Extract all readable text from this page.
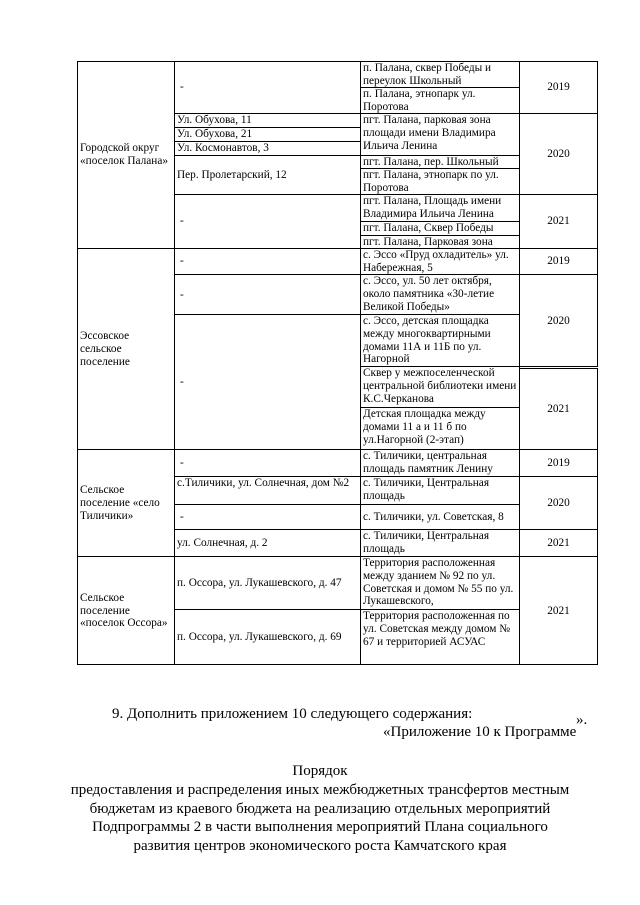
Городской округ «поселок Палана»	-	п. Палана, сквер Победы и переулок Школьный	2019
		п. Палана, этнопарк ул. Поротова	

	Ул. Обухова, 11	пгт. Палана, парковая зона площади имени Владимира Ильича Ленина	2020
	Ул. Обухова, 21		
	Ул. Космонавтов, 3		
	Пер. Пролетарский, 12	пгт. Палана, пер. Школьный	
		пгт. Палана, этнопарк по ул. Поротова	

	-	пгт. Палана, Площадь имени Владимира Ильича Ленина	2021

		пгт. Палана, Сквер Победы	
		пгт. Палана, Парковая зона	
Эссовское сельское поселение	-	с. Эссо «Пруд охладитель» ул. Набережная, 5	2019
	-	с. Эссо, ул. 50 лет октября, около памятника «30-летие Великой Победы»	2020
	-	с. Эссо, детская площадка между многоквартирными домами 11А и 11Б по ул. Нагорной	

		Сквер у межпоселенческой центральной библиотеки имени К.С.Черканова	
			2021
		Детская площадка между домами 11 а и 11 б по ул.Нагорной (2-этап)	
Сельское поселение «село Тиличики»	-	с. Тиличики, центральная площадь памятник Ленину	2019
	с.Тиличики, ул. Солнечная, дом №2	с. Тиличики, Центральная площадь	2020
	-	с. Тиличики, ул. Советская, 8	
	ул. Солнечная, д. 2	с. Тиличики, Центральная площадь	2021
Сельское поселение «поселок Оссора»	п. Оссора, ул. Лукашевского, д. 47	Территория расположенная между зданием № 92 по ул. Советская и домом № 55 по ул. Лукашевского,	2021
	п. Оссора, ул. Лукашевского, д. 69	Территория расположенная по ул. Советская между домом № 67 и территорией АСУАС	
».
9. Дополнить приложением 10 следующего содержания:
«Приложение 10 к Программе
Порядок
предоставления и распределения иных межбюджетных трансфертов местным
бюджетам из краевого бюджета на реализацию отдельных мероприятий
Подпрограммы 2 в части выполнения мероприятий Плана социального
развития центров экономического роста Камчатского края
